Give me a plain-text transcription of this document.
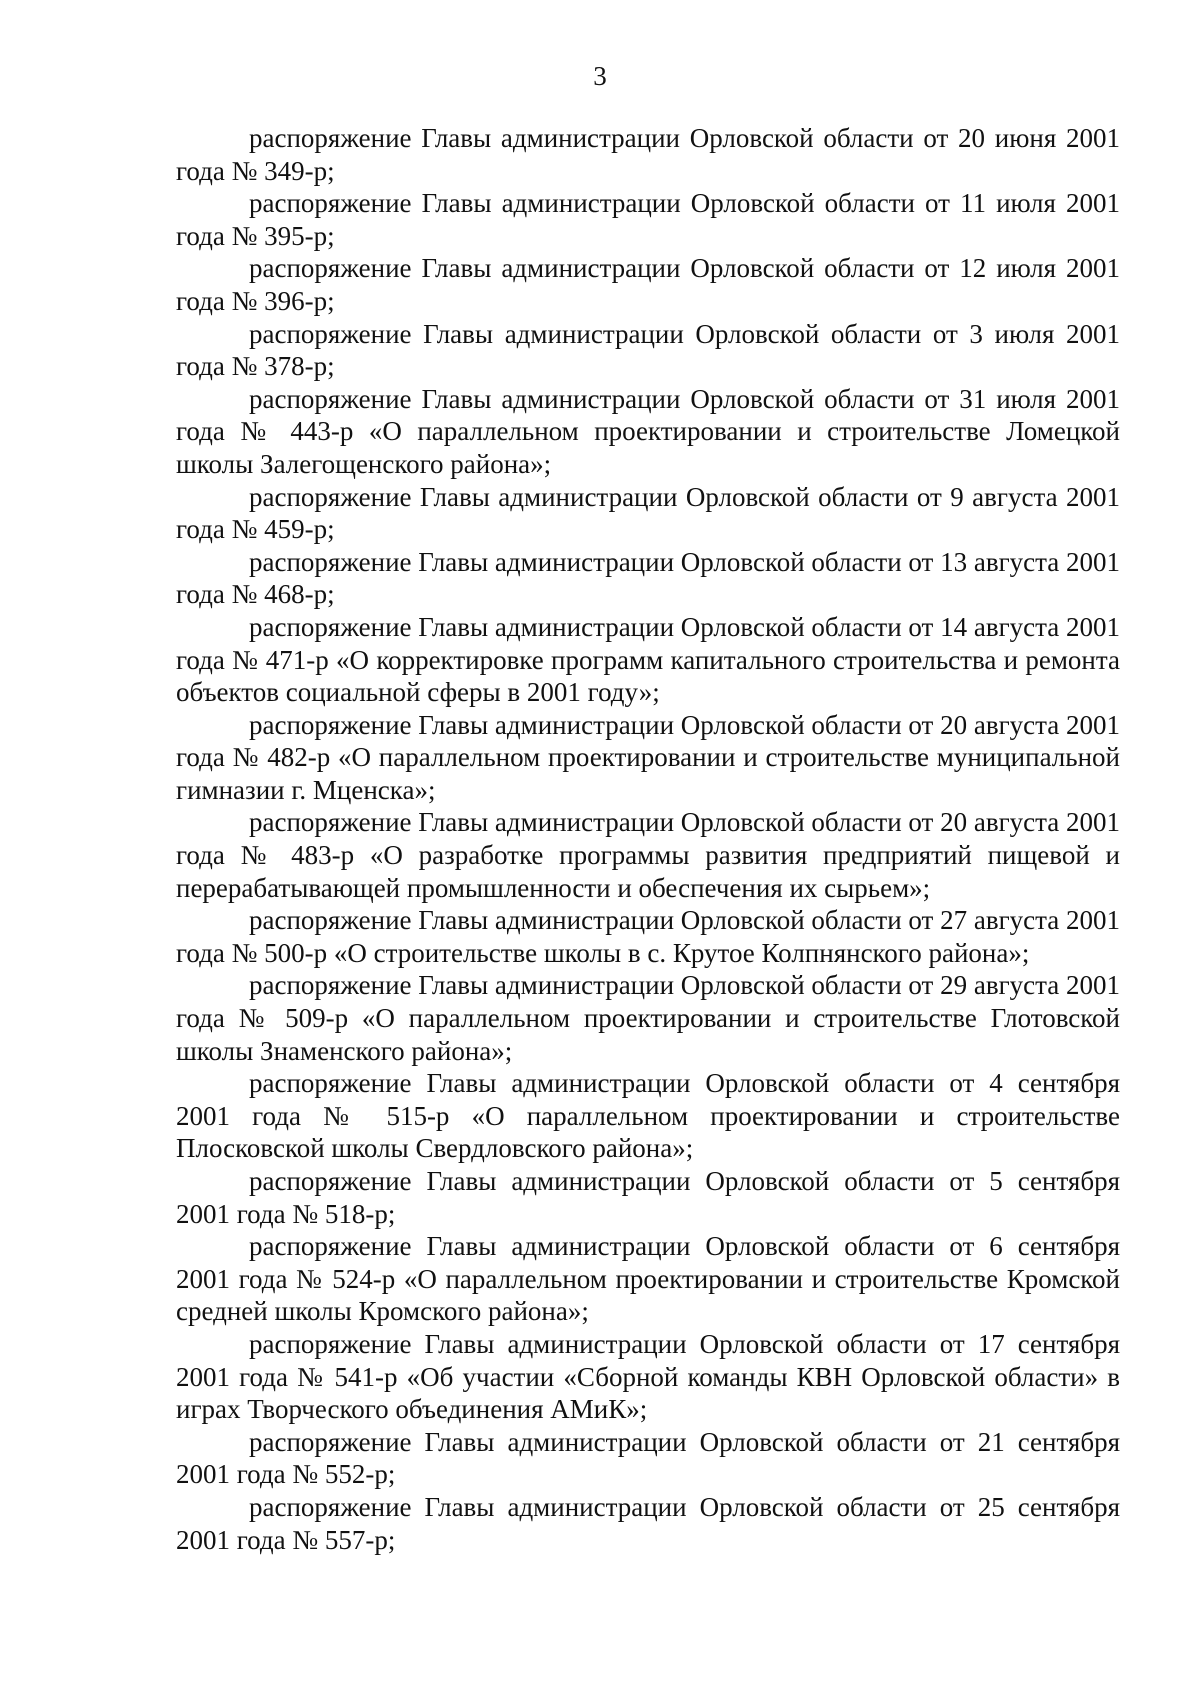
3

распоряжение Главы администрации Орловской области от 20 июня 2001 года № 349-р;

распоряжение Главы администрации Орловской области от 11 июля 2001 года № 395-р;

распоряжение Главы администрации Орловской области от 12 июля 2001 года № 396-р;

распоряжение Главы администрации Орловской области от 3 июля 2001 года № 378-р;

распоряжение Главы администрации Орловской области от 31 июля 2001 года № 443-р «О параллельном проектировании и строительстве Ломецкой школы Залегощенского района»;

распоряжение Главы администрации Орловской области от 9 августа 2001 года № 459-р;

распоряжение Главы администрации Орловской области от 13 августа 2001 года № 468-р;

распоряжение Главы администрации Орловской области от 14 августа 2001 года № 471-р «О корректировке программ капитального строительства и ремонта объектов социальной сферы в 2001 году»;

распоряжение Главы администрации Орловской области от 20 августа 2001 года № 482-р «О параллельном проектировании и строительстве муниципальной гимназии г. Мценска»;

распоряжение Главы администрации Орловской области от 20 августа 2001 года № 483-р «О разработке программы развития предприятий пищевой и перерабатывающей промышленности и обеспечения их сырьем»;

распоряжение Главы администрации Орловской области от 27 августа 2001 года № 500-р «О строительстве школы в с. Крутое Колпнянского района»;

распоряжение Главы администрации Орловской области от 29 августа 2001 года № 509-р «О параллельном проектировании и строительстве Глотовской школы Знаменского района»;

распоряжение Главы администрации Орловской области от 4 сентября 2001 года № 515-р «О параллельном проектировании и строительстве Плосковской школы Свердловского района»;

распоряжение Главы администрации Орловской области от 5 сентября 2001 года № 518-р;

распоряжение Главы администрации Орловской области от 6 сентября 2001 года № 524-р «О параллельном проектировании и строительстве Кромской средней школы Кромского района»;

распоряжение Главы администрации Орловской области от 17 сентября 2001 года № 541-р «Об участии «Сборной команды КВН Орловской области» в играх Творческого объединения АМиК»;

распоряжение Главы администрации Орловской области от 21 сентября 2001 года № 552-р;

распоряжение Главы администрации Орловской области от 25 сентября 2001 года № 557-р;
